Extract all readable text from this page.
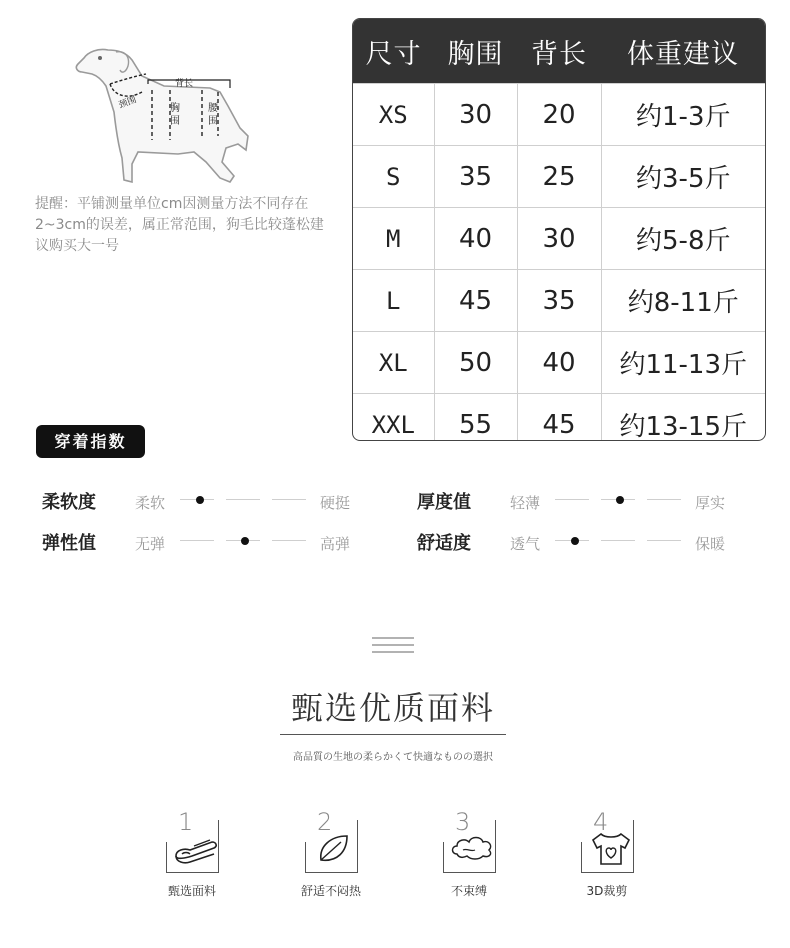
背长
颈围	胸围
腰围
提醒：平铺测量单位cm因测量方法不同存在2~3cm的误差，属正常范围，狗毛比较蓬松建议购买大一号
尺寸	胸围	背长	体重建议
XS	30	20	约1-3斤
S	35	25	约3-5斤
M	40	30	约5-8斤
L	45	35	约8-11斤
XL	50	40	约11-13斤
XXL	55	45	约13-15斤
穿着指数
柔软度	柔软	硬挺	厚度值	轻薄	厚实
弹性值	无弹	高弹	舒适度	透气	保暖
甄选优质面料
高品質の生地の柔らかくて快適なものの選択
1
甄选面料
2
舒适不闷热
3
不束缚
4
3D裁剪
